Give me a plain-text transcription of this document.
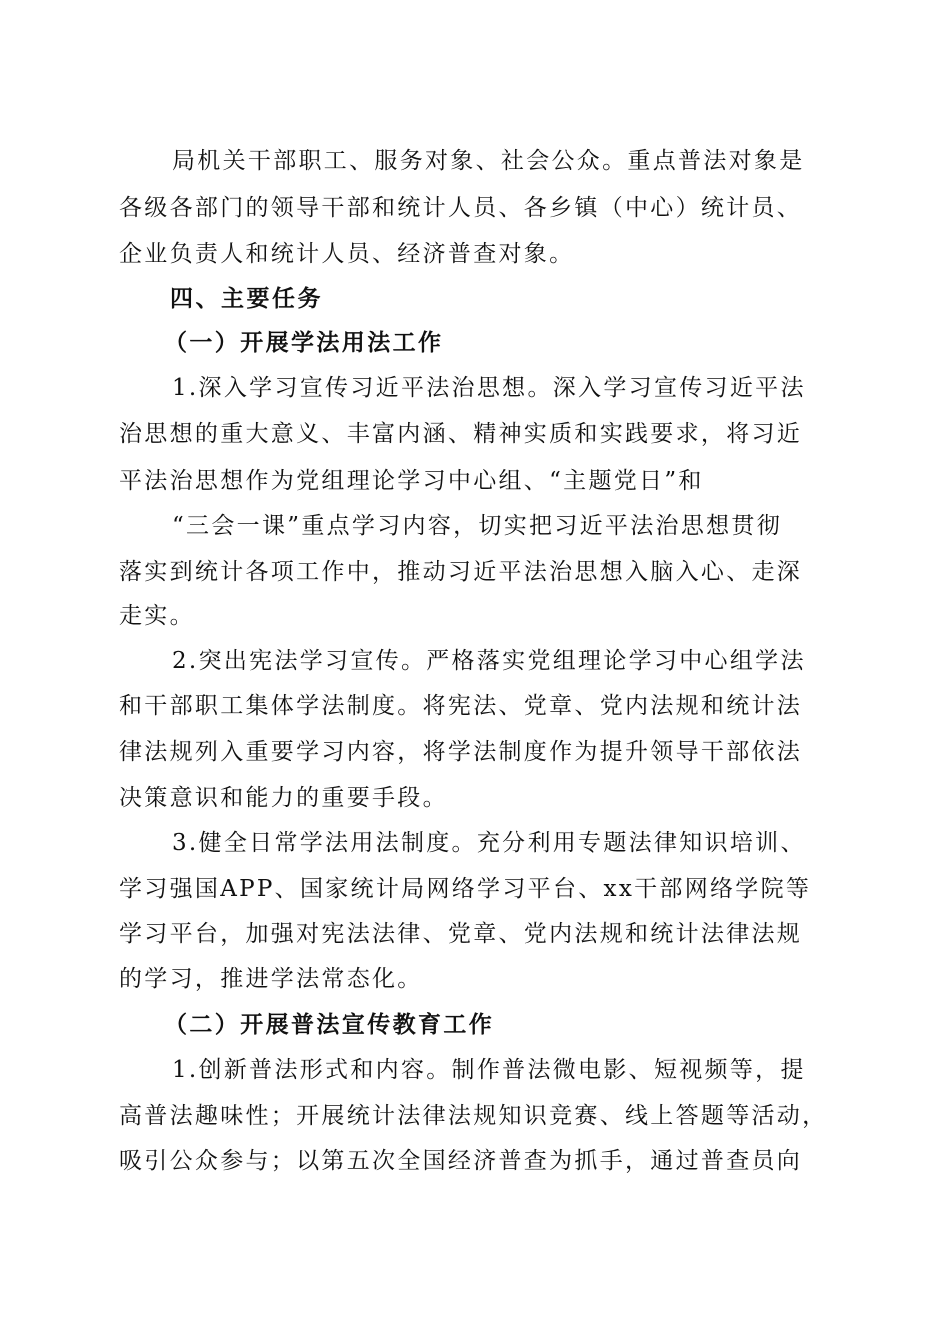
局机关干部职工、服务对象、社会公众。重点普法对象是
各级各部门的领导干部和统计人员、各乡镇（中心）统计员、
企业负责人和统计人员、经济普查对象。
四、主要任务
（一）开展学法用法工作
1.深入学习宣传习近平法治思想。深入学习宣传习近平法
治思想的重大意义、丰富内涵、精神实质和实践要求，将习近
平法治思想作为党组理论学习中心组、“主题党日”和
“三会一课”重点学习内容，切实把习近平法治思想贯彻
落实到统计各项工作中，推动习近平法治思想入脑入心、走深
走实。
2.突出宪法学习宣传。严格落实党组理论学习中心组学法
和干部职工集体学法制度。将宪法、党章、党内法规和统计法
律法规列入重要学习内容，将学法制度作为提升领导干部依法
决策意识和能力的重要手段。
3.健全日常学法用法制度。充分利用专题法律知识培训、
学习强国APP、国家统计局网络学习平台、xx干部网络学院等
学习平台，加强对宪法法律、党章、党内法规和统计法律法规
的学习，推进学法常态化。
（二）开展普法宣传教育工作
1.创新普法形式和内容。制作普法微电影、短视频等，提
高普法趣味性；开展统计法律法规知识竞赛、线上答题等活动，
吸引公众参与；以第五次全国经济普查为抓手，通过普查员向
